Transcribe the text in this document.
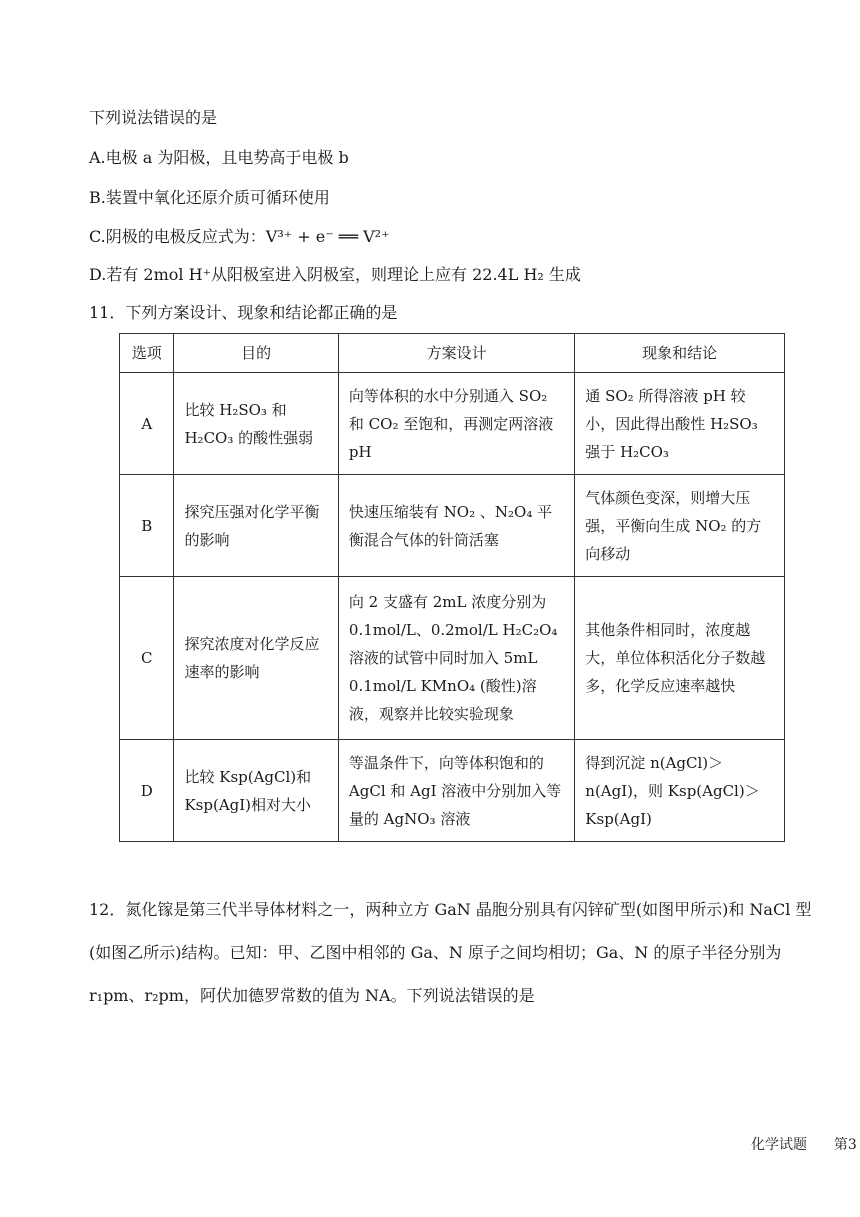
下列说法错误的是
A.电极 a 为阳极，且电势高于电极 b
B.装置中氧化还原介质可循环使用
C.阴极的电极反应式为：V³⁺ + e⁻ ══ V²⁺
D.若有 2mol H⁺从阳极室进入阴极室，则理论上应有 22.4L H₂ 生成
11．下列方案设计、现象和结论都正确的是
选项	目的	方案设计	现象和结论
A	比较 H₂SO₃ 和 H₂CO₃ 的酸性强弱	向等体积的水中分别通入 SO₂ 和 CO₂ 至饱和，再测定两溶液 pH	通 SO₂ 所得溶液 pH 较小，因此得出酸性 H₂SO₃ 强于 H₂CO₃
B	探究压强对化学平衡的影响	快速压缩装有 NO₂ 、N₂O₄ 平衡混合气体的针筒活塞	气体颜色变深，则增大压强，平衡向生成 NO₂ 的方向移动
C	探究浓度对化学反应速率的影响	向 2 支盛有 2mL 浓度分别为 0.1mol/L、0.2mol/L H₂C₂O₄ 溶液的试管中同时加入 5mL 0.1mol/L KMnO₄ (酸性)溶液，观察并比较实验现象	其他条件相同时，浓度越大，单位体积活化分子数越多，化学反应速率越快
D	比较 Ksp(AgCl)和 Ksp(AgI)相对大小	等温条件下，向等体积饱和的 AgCl 和 AgI 溶液中分别加入等量的 AgNO₃ 溶液	得到沉淀 n(AgCl)＞n(AgI)，则 Ksp(AgCl)＞Ksp(AgI)
12．氮化镓是第三代半导体材料之一，两种立方 GaN 晶胞分别具有闪锌矿型(如图甲所示)和 NaCl 型(如图乙所示)结构。已知：甲、乙图中相邻的 Ga、N 原子之间均相切；Ga、N 的原子半径分别为 r₁pm、r₂pm，阿伏加德罗常数的值为 NA。下列说法错误的是
化学试题 第3
